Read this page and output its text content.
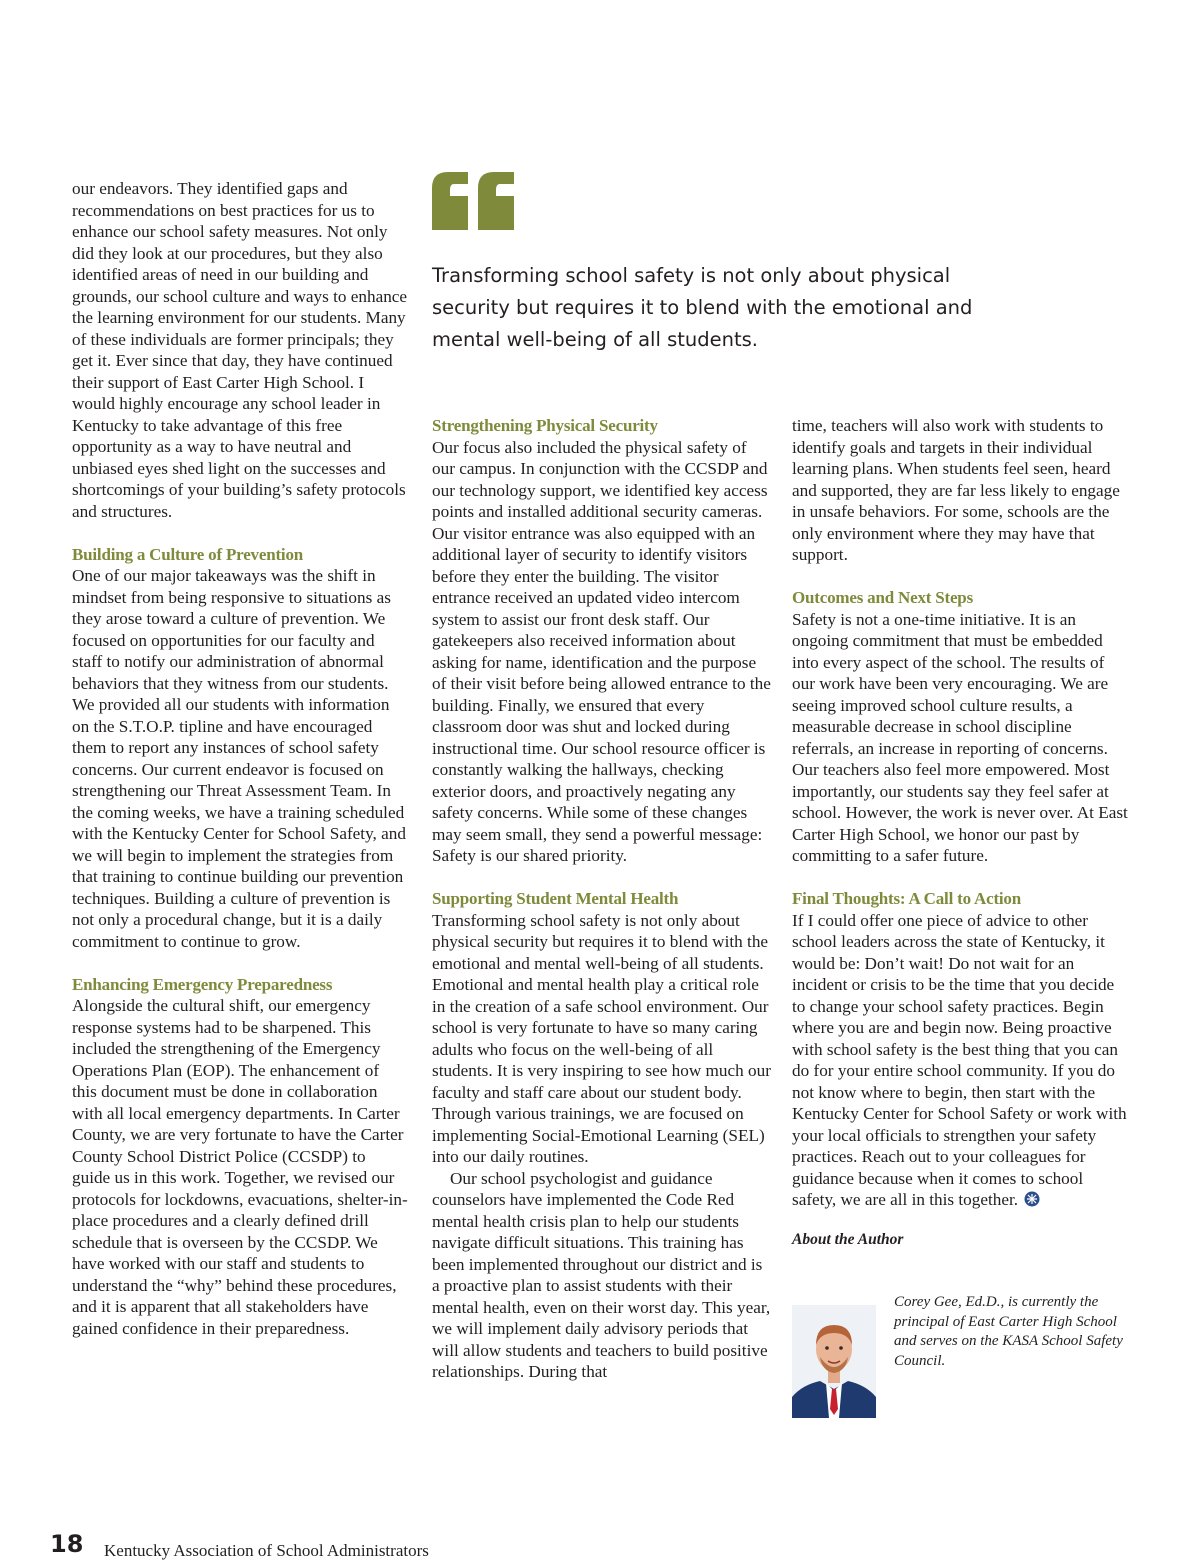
our endeavors. They identified gaps and recommendations on best practices for us to enhance our school safety measures. Not only did they look at our procedures, but they also identified areas of need in our building and grounds, our school culture and ways to enhance the learning environment for our students. Many of these individuals are former principals; they get it. Ever since that day, they have continued their support of East Carter High School. I would highly encourage any school leader in Kentucky to take advantage of this free opportunity as a way to have neutral and unbiased eyes shed light on the successes and shortcomings of your building’s safety protocols and structures.

Building a Culture of Prevention

One of our major takeaways was the shift in mindset from being responsive to situations as they arose toward a culture of prevention. We focused on opportunities for our faculty and staff to notify our administration of abnormal behaviors that they witness from our students. We provided all our students with information on the S.T.O.P. tipline and have encouraged them to report any instances of school safety concerns. Our current endeavor is focused on strengthening our Threat Assessment Team. In the coming weeks, we have a training scheduled with the Kentucky Center for School Safety, and we will begin to implement the strategies from that training to continue building our prevention techniques. Building a culture of prevention is not only a procedural change, but it is a daily commitment to continue to grow.

Enhancing Emergency Preparedness

Alongside the cultural shift, our emergency response systems had to be sharpened. This included the strengthening of the Emergency Operations Plan (EOP). The enhancement of this document must be done in collaboration with all local emergency departments. In Carter County, we are very fortunate to have the Carter County School District Police (CCSDP) to guide us in this work. Together, we revised our protocols for lockdowns, evacuations, shelter-in-place procedures and a clearly defined drill schedule that is overseen by the CCSDP. We have worked with our staff and students to understand the “why” behind these procedures, and it is apparent that all stakeholders have gained confidence in their preparedness.

Transforming school safety is not only about physical security but requires it to blend with the emotional and mental well-being of all students.

Strengthening Physical Security

Our focus also included the physical safety of our campus. In conjunction with the CCSDP and our technology support, we identified key access points and installed additional security cameras. Our visitor entrance was also equipped with an additional layer of security to identify visitors before they enter the building. The visitor entrance received an updated video intercom system to assist our front desk staff. Our gatekeepers also received information about asking for name, identification and the purpose of their visit before being allowed entrance to the building. Finally, we ensured that every classroom door was shut and locked during instructional time. Our school resource officer is constantly walking the hallways, checking exterior doors, and proactively negating any safety concerns. While some of these changes may seem small, they send a powerful message: Safety is our shared priority.

Supporting Student Mental Health

Transforming school safety is not only about physical security but requires it to blend with the emotional and mental well-being of all students. Emotional and mental health play a critical role in the creation of a safe school environment. Our school is very fortunate to have so many caring adults who focus on the well-being of all students. It is very inspiring to see how much our faculty and staff care about our student body. Through various trainings, we are focused on implementing Social-Emotional Learning (SEL) into our daily routines.

Our school psychologist and guidance counselors have implemented the Code Red mental health crisis plan to help our students navigate difficult situations. This training has been implemented throughout our district and is a proactive plan to assist students with their mental health, even on their worst day. This year, we will implement daily advisory periods that will allow students and teachers to build positive relationships. During that

time, teachers will also work with students to identify goals and targets in their individual learning plans. When students feel seen, heard and supported, they are far less likely to engage in unsafe behaviors. For some, schools are the only environment where they may have that support.

Outcomes and Next Steps

Safety is not a one-time initiative. It is an ongoing commitment that must be embedded into every aspect of the school. The results of our work have been very encouraging. We are seeing improved school culture results, a measurable decrease in school discipline referrals, an increase in reporting of concerns. Our teachers also feel more empowered. Most importantly, our students say they feel safer at school. However, the work is never over. At East Carter High School, we honor our past by committing to a safer future.

Final Thoughts: A Call to Action

If I could offer one piece of advice to other school leaders across the state of Kentucky, it would be: Don’t wait! Do not wait for an incident or crisis to be the time that you decide to change your school safety practices. Begin where you are and begin now. Being proactive with school safety is the best thing that you can do for your entire school community. If you do not know where to begin, then start with the Kentucky Center for School Safety or work with your local officials to strengthen your safety practices. Reach out to your colleagues for guidance because when it comes to school safety, we are all in this together.

About the Author

Corey Gee, Ed.D., is currently the principal of East Carter High School and serves on the KASA School Safety Council.

18 Kentucky Association of School Administrators
